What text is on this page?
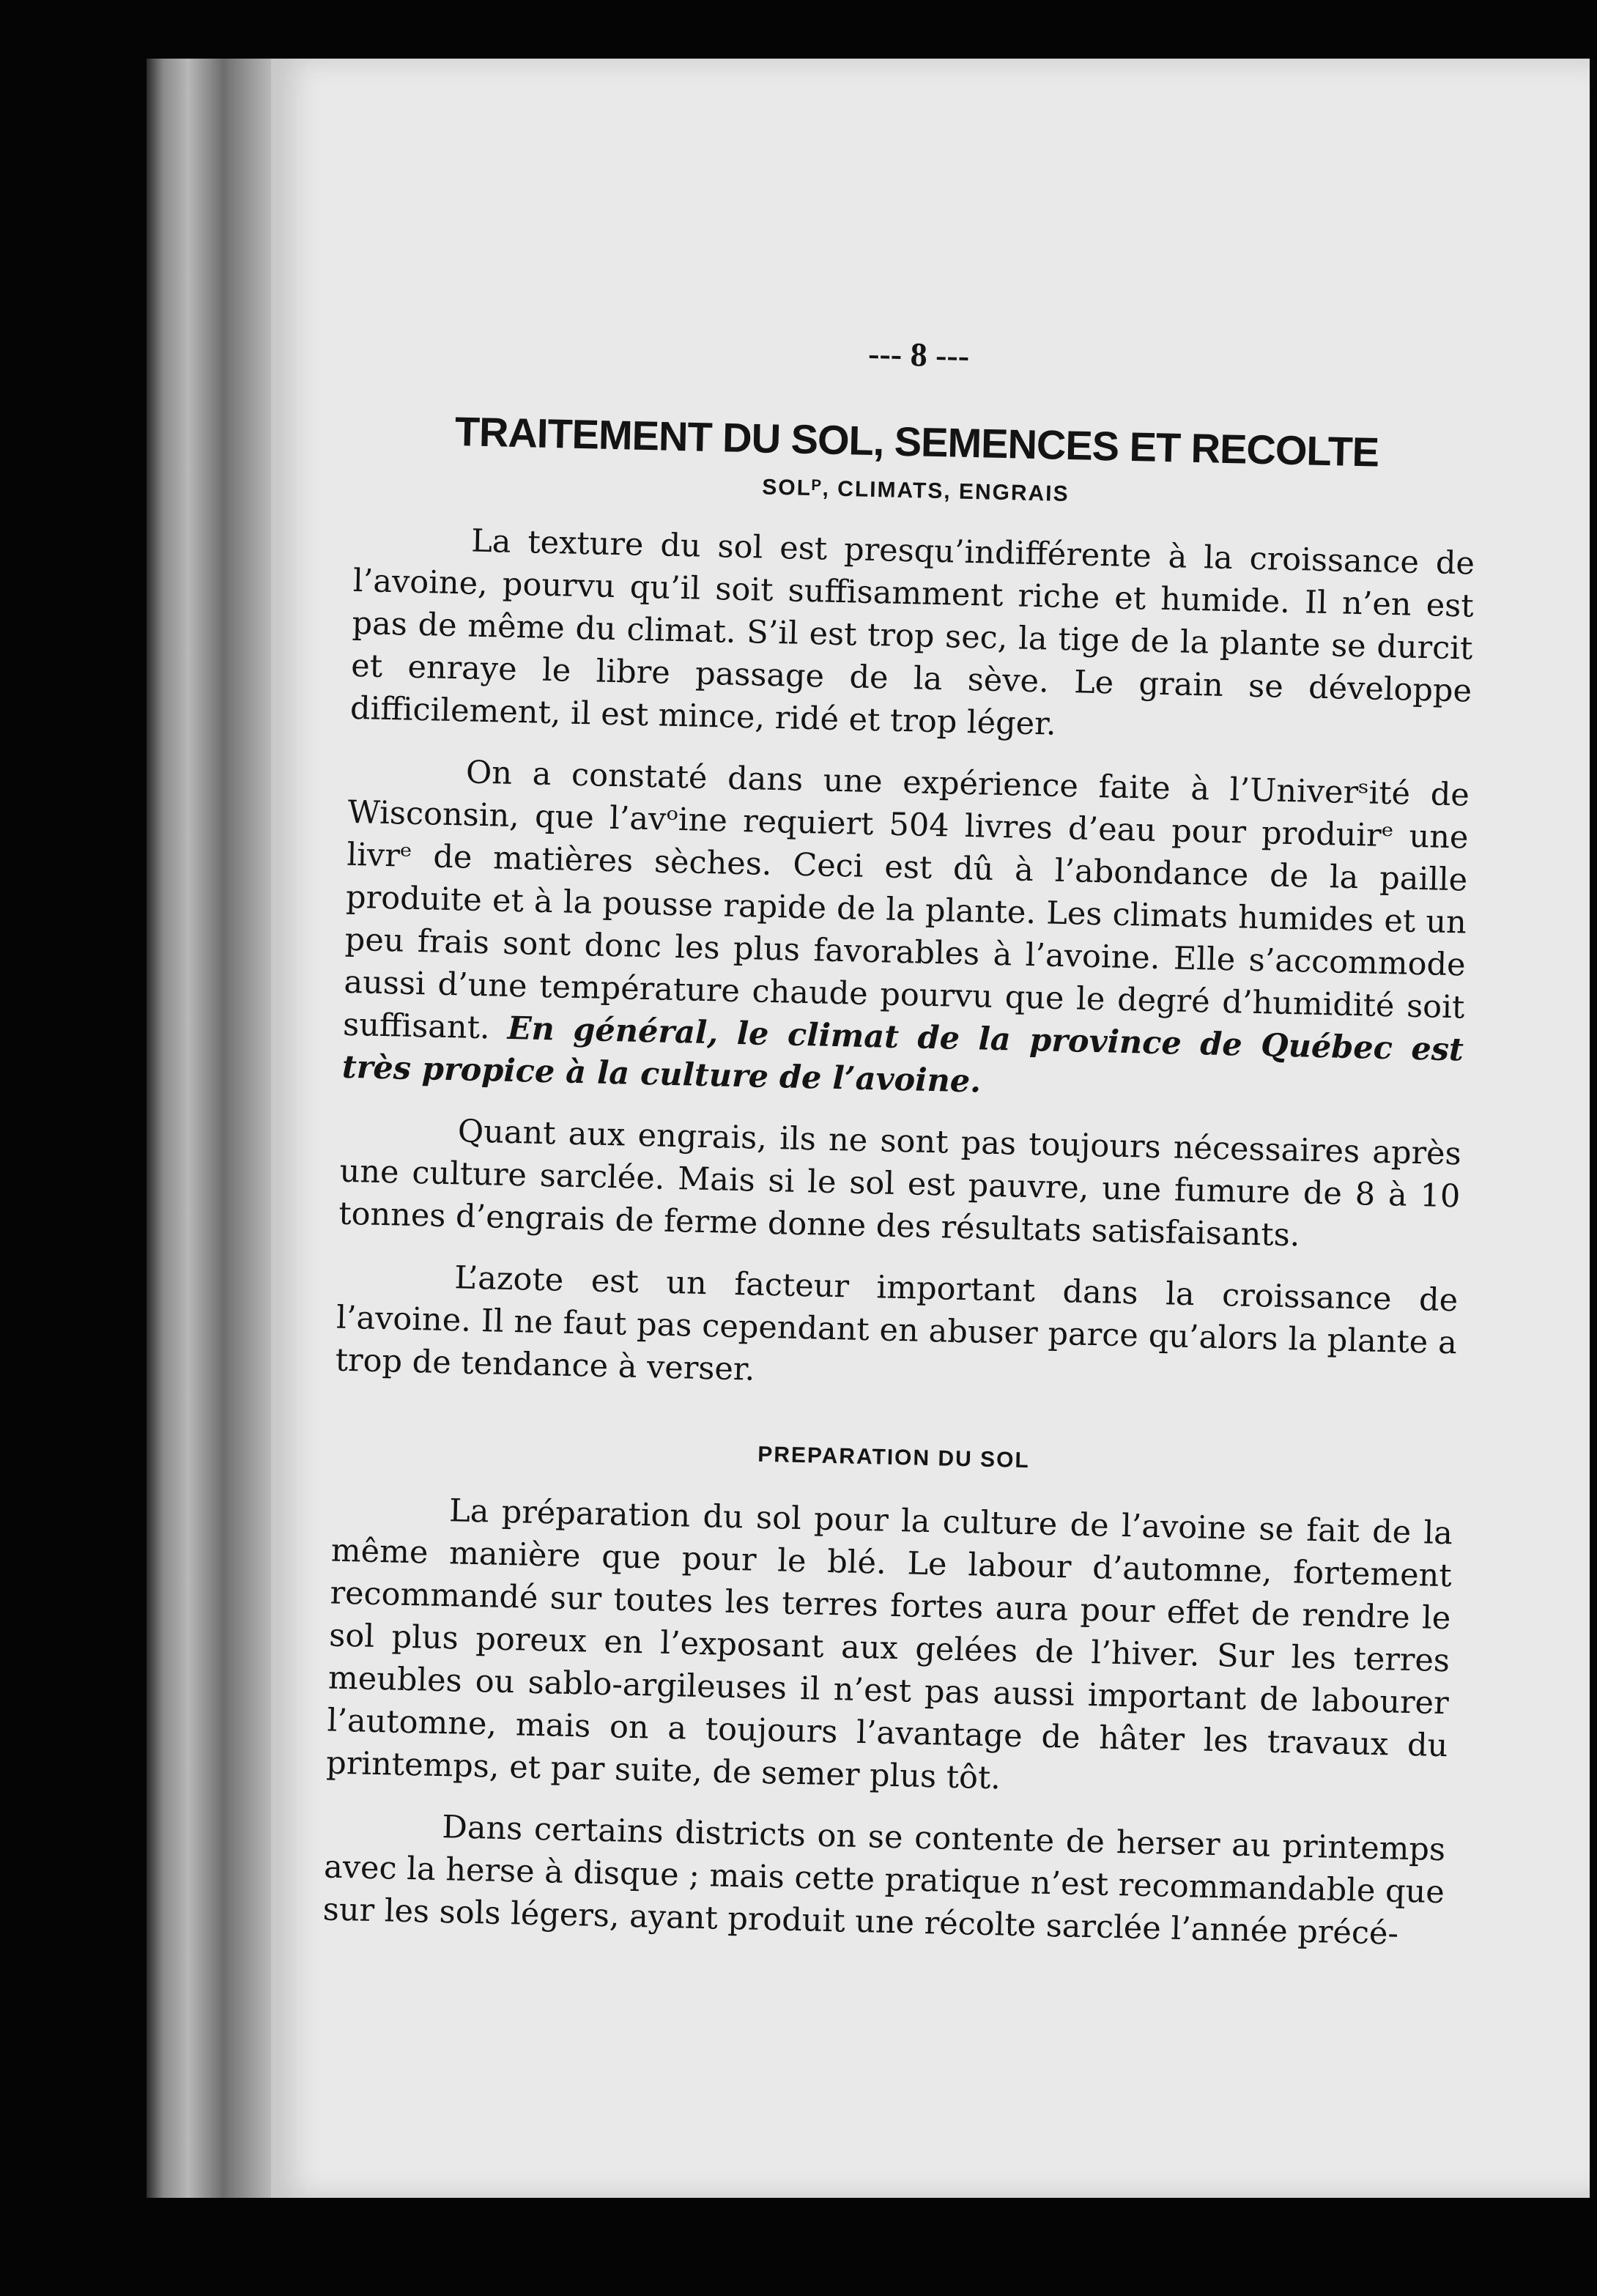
--- 8 ---
TRAITEMENT DU SOL, SEMENCES ET RECOLTE
SOLᴾ, CLIMATS, ENGRAIS

La texture du sol est presqu’indifférente à la croissance de l’avoine, pourvu qu’il soit suffisamment riche et humide. Il n’en est pas de même du climat. S’il est trop sec, la tige de la plante se durcit et enraye le libre passage de la sève. Le grain se développe difficilement, il est mince, ridé et trop léger.

On a constaté dans une expérience faite à l’Univerˢité de Wisconsin, que l’avᵒine requiert 504 livres d’eau pour produirᵉ une livrᵉ de matières sèches. Ceci est dû à l’abondance de la paille produite et à la pousse rapide de la plante. Les climats humides et un peu frais sont donc les plus favorables à l’avoine. Elle s’accommode aussi d’une température chaude pourvu que le degré d’humidité soit suffisant. En général, le climat de la province de Québec est très propice à la culture de l’avoine.

Quant aux engrais, ils ne sont pas toujours nécessaires après une culture sarclée. Mais si le sol est pauvre, une fumure de 8 à 10 tonnes d’engrais de ferme donne des résultats satisfaisants.

L’azote est un facteur important dans la croissance de l’avoine. Il ne faut pas cependant en abuser parce qu’alors la plante a trop de tendance à verser.

PREPARATION DU SOL

La préparation du sol pour la culture de l’avoine se fait de la même manière que pour le blé. Le labour d’automne, fortement recommandé sur toutes les terres fortes aura pour effet de rendre le sol plus poreux en l’exposant aux gelées de l’hiver. Sur les terres meubles ou sablo-argileuses il n’est pas aussi important de labourer l’automne, mais on a toujours l’avantage de hâter les travaux du printemps, et par suite, de semer plus tôt.

Dans certains districts on se contente de herser au printemps avec la herse à disque ; mais cette pratique n’est recommandable que sur les sols légers, ayant produit une récolte sarclée l’année précé-
